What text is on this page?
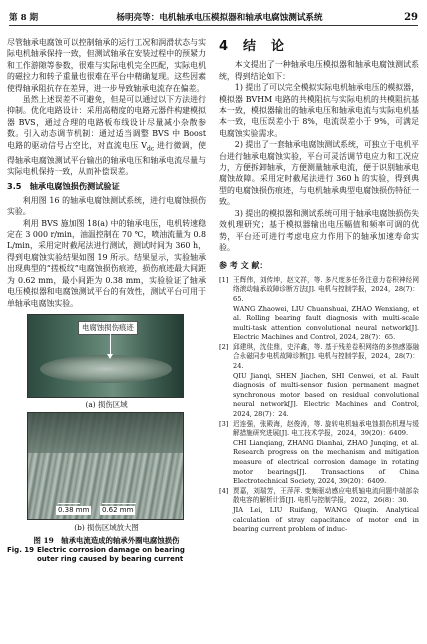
第 8 期	杨明亮等：电机轴承电压模拟器和轴承电腐蚀测试系统	29

尽管轴承电腐蚀可以控制轴承的运行工况和润滑状态与实际电机轴承保持一致，但测试轴承在安装过程中的预紧力和工作游隙等参数，很难与实际电机完全匹配，实际电机的磁拉力和转子重量也很难在平台中精确复现。这些因素使得轴承阻抗存在差异，进一步导致轴承电流存在偏差。

虽然上述误差不可避免，但是可以通过以下方法进行抑制。优化电路设计：采用高精度的电路元器件构建模拟器 BVS，通过合理的电路板布线设计尽量减小杂散参数。引入动态调节机制：通过适当调整 BVS 中 Boost 电路的驱动信号占空比，对直流电压 $V_{dc}$ 进行微调，使得轴承电腐蚀测试平台输出的轴承电压和轴承电流尽量与实际电机保持一致，从而补偿误差。

3.5　轴承电腐蚀损伤测试验证

利用图 16 的轴承电腐蚀测试系统，进行电腐蚀损伤实验。

利用 BVS 施加图 18(a) 中的轴承电压，电机转速稳定在 3 000 r/min，油温控制在 70 ℃，喷油流量为 0.8 L/min，采用定时截尾法进行测试，测试时间为 360 h，得到电腐蚀实验结果如图 19 所示。结果显示，实验轴承出现典型的“搓板纹”电腐蚀损伤痕迹，损伤痕迹最大间距为 0.62 mm，最小间距为 0.38 mm，实验验证了轴承电压模拟器和电腐蚀测试平台的有效性，测试平台可用于单轴承电腐蚀实验。

电腐蚀损伤痕迹
(a) 损伤区域
0.38 mm 0.62 mm
(b) 损伤区域放大图
图 19　轴承电流造成的轴承外圈电腐蚀损伤
Fig. 19 Electric corrosion damage on bearing outer ring caused by bearing current
4　结　论

本文提出了一种轴承电压模拟器和轴承电腐蚀测试系统，得到结论如下：

1) 提出了可以完全模拟实际电机轴承电压的模拟器，模拟器 BVHM 电路的共模阻抗与实际电机的共模阻抗基本一致，模拟器输出的轴承电压和轴承电流与实际电机基本一致，电压误差小于 8%，电流误差小于 9%，可满足电腐蚀实验需求。

2) 提出了一套轴承电腐蚀测试系统，可独立于电机平台进行轴承电腐蚀实验，平台可灵活调节电应力和工况应力，方便拆卸轴承，方便测量轴承电流，便于识别轴承电腐蚀故障。采用定时截尾法进行 360 h 的实验，得到典型的电腐蚀损伤痕迹，与电机轴承典型电腐蚀损伤特征一致。

3) 提出的模拟器和测试系统可用于轴承电腐蚀损伤失效机理研究；基于模拟器输出电压幅值和频率可调的优势，平台还可进行考虑电应力作用下的轴承加速寿命实验。

参 考 文 献：
[1] 王辉伟，刘传坤，赵文祥，等. 多尺度多任务注意力卷积神经网络滚动轴承故障诊断方法[J]. 电机与控制学报，2024，28(7)：65.
WANG Zhaowei, LIU Chuanshuai, ZHAO Wenxiang, et al. Rolling bearing fault diagnosis with multi-scale multi-task attention convolutional neural network[J]. Electric Machines and Control, 2024, 28(7)：65.
[2] 邱建琪，沈佳鼎，史洋鑫，等. 基于残差卷积网络的多热感器融合永磁同步电机故障诊断[J]. 电机与控制学报，2024，28(7)：24.
QIU Jianqi, SHEN Jiachen, SHI Cenwei, et al. Fault diagnosis of multi-sensor fusion permanent magnet synchronous motor based on residual convolutional neural network[J]. Electric Machines and Control, 2024, 28(7)：24.
[3] 迟连强，张殿海，赵俊涛，等. 旋转电机轴承电蚀损伤机理与缓解措施研究进展[J]. 电工技术学报，2024，39(20)：6409.
CHI Lianqiang, ZHANG Dianhai, ZHAO Junqing, et al. Research progress on the mechanism and mitigation measure of electrical corrosion damage in rotating motor bearings[J]. Transactions of China Electrotechnical Society, 2024, 39(20)：6409.
[4] 贾嘉，刘瑞芳，王萍萍. 变频驱动感应电机轴电流问题中端部杂散电容的解析计算[J]. 电机与控制学报，2022，26(8)：30.
JIA Lei, LIU Ruifang, WANG Qiuqin. Analytical calculation of stray capacitance of motor end in bearing current problem of induc-
